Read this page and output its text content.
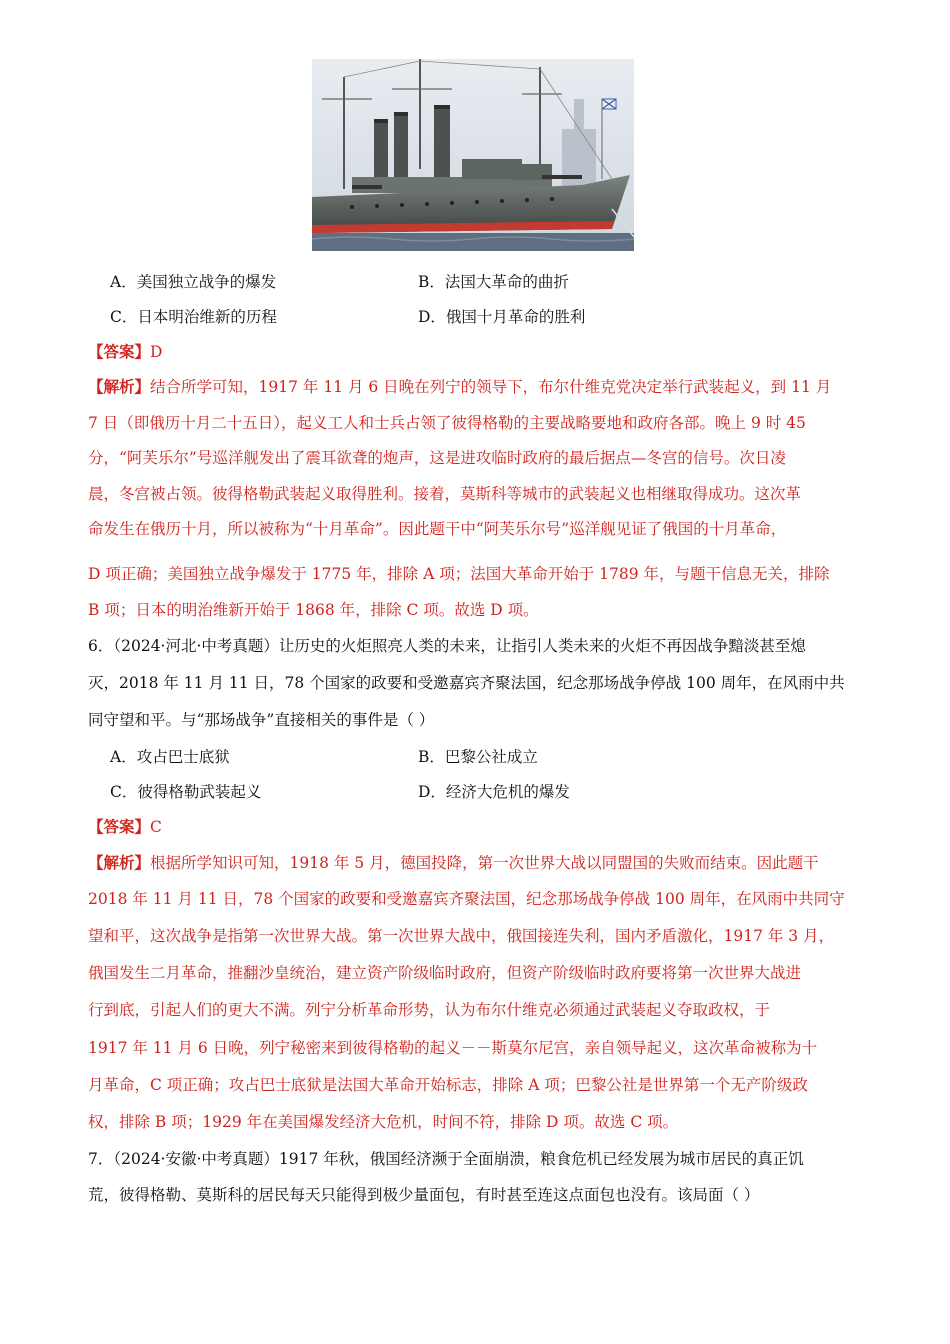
A．美国独立战争的爆发	B．法国大革命的曲折
C．日本明治维新的历程	D．俄国十月革命的胜利
【答案】D
【解析】结合所学可知，1917 年 11 月 6 日晚在列宁的领导下，布尔什维克党决定举行武装起义，到 11 月
7 日（即俄历十月二十五日），起义工人和士兵占领了彼得格勒的主要战略要地和政府各部。晚上 9 时 45
分，“阿芙乐尔”号巡洋舰发出了震耳欲聋的炮声，这是进攻临时政府的最后据点—冬宫的信号。次日凌
晨，冬宫被占领。彼得格勒武装起义取得胜利。接着，莫斯科等城市的武装起义也相继取得成功。这次革
命发生在俄历十月，所以被称为“十月革命”。因此题干中“阿芙乐尔号”巡洋舰见证了俄国的十月革命，
D 项正确；美国独立战争爆发于 1775 年，排除 A 项；法国大革命开始于 1789 年，与题干信息无关，排除
B 项；日本的明治维新开始于 1868 年，排除 C 项。故选 D 项。
6．（2024·河北·中考真题）让历史的火炬照亮人类的未来，让指引人类未来的火炬不再因战争黯淡甚至熄
灭，2018 年 11 月 11 日，78 个国家的政要和受邀嘉宾齐聚法国，纪念那场战争停战 100 周年，在风雨中共
同守望和平。与“那场战争”直接相关的事件是（ ）
A．攻占巴士底狱	B．巴黎公社成立
C．彼得格勒武装起义	D．经济大危机的爆发
【答案】C
【解析】根据所学知识可知，1918 年 5 月，德国投降，第一次世界大战以同盟国的失败而结束。因此题干
2018 年 11 月 11 日，78 个国家的政要和受邀嘉宾齐聚法国，纪念那场战争停战 100 周年，在风雨中共同守
望和平，这次战争是指第一次世界大战。第一次世界大战中，俄国接连失利，国内矛盾激化，1917 年 3 月，
俄国发生二月革命，推翻沙皇统治，建立资产阶级临时政府，但资产阶级临时政府要将第一次世界大战进
行到底，引起人们的更大不满。列宁分析革命形势，认为布尔什维克必须通过武装起义夺取政权，于
1917 年 11 月 6 日晚，列宁秘密来到彼得格勒的起义－－斯莫尔尼宫，亲自领导起义，这次革命被称为十
月革命，C 项正确；攻占巴士底狱是法国大革命开始标志，排除 A 项；巴黎公社是世界第一个无产阶级政
权，排除 B 项；1929 年在美国爆发经济大危机，时间不符，排除 D 项。故选 C 项。
7．（2024·安徽·中考真题）1917 年秋，俄国经济濒于全面崩溃，粮食危机已经发展为城市居民的真正饥
荒，彼得格勒、莫斯科的居民每天只能得到极少量面包，有时甚至连这点面包也没有。该局面（ ）
